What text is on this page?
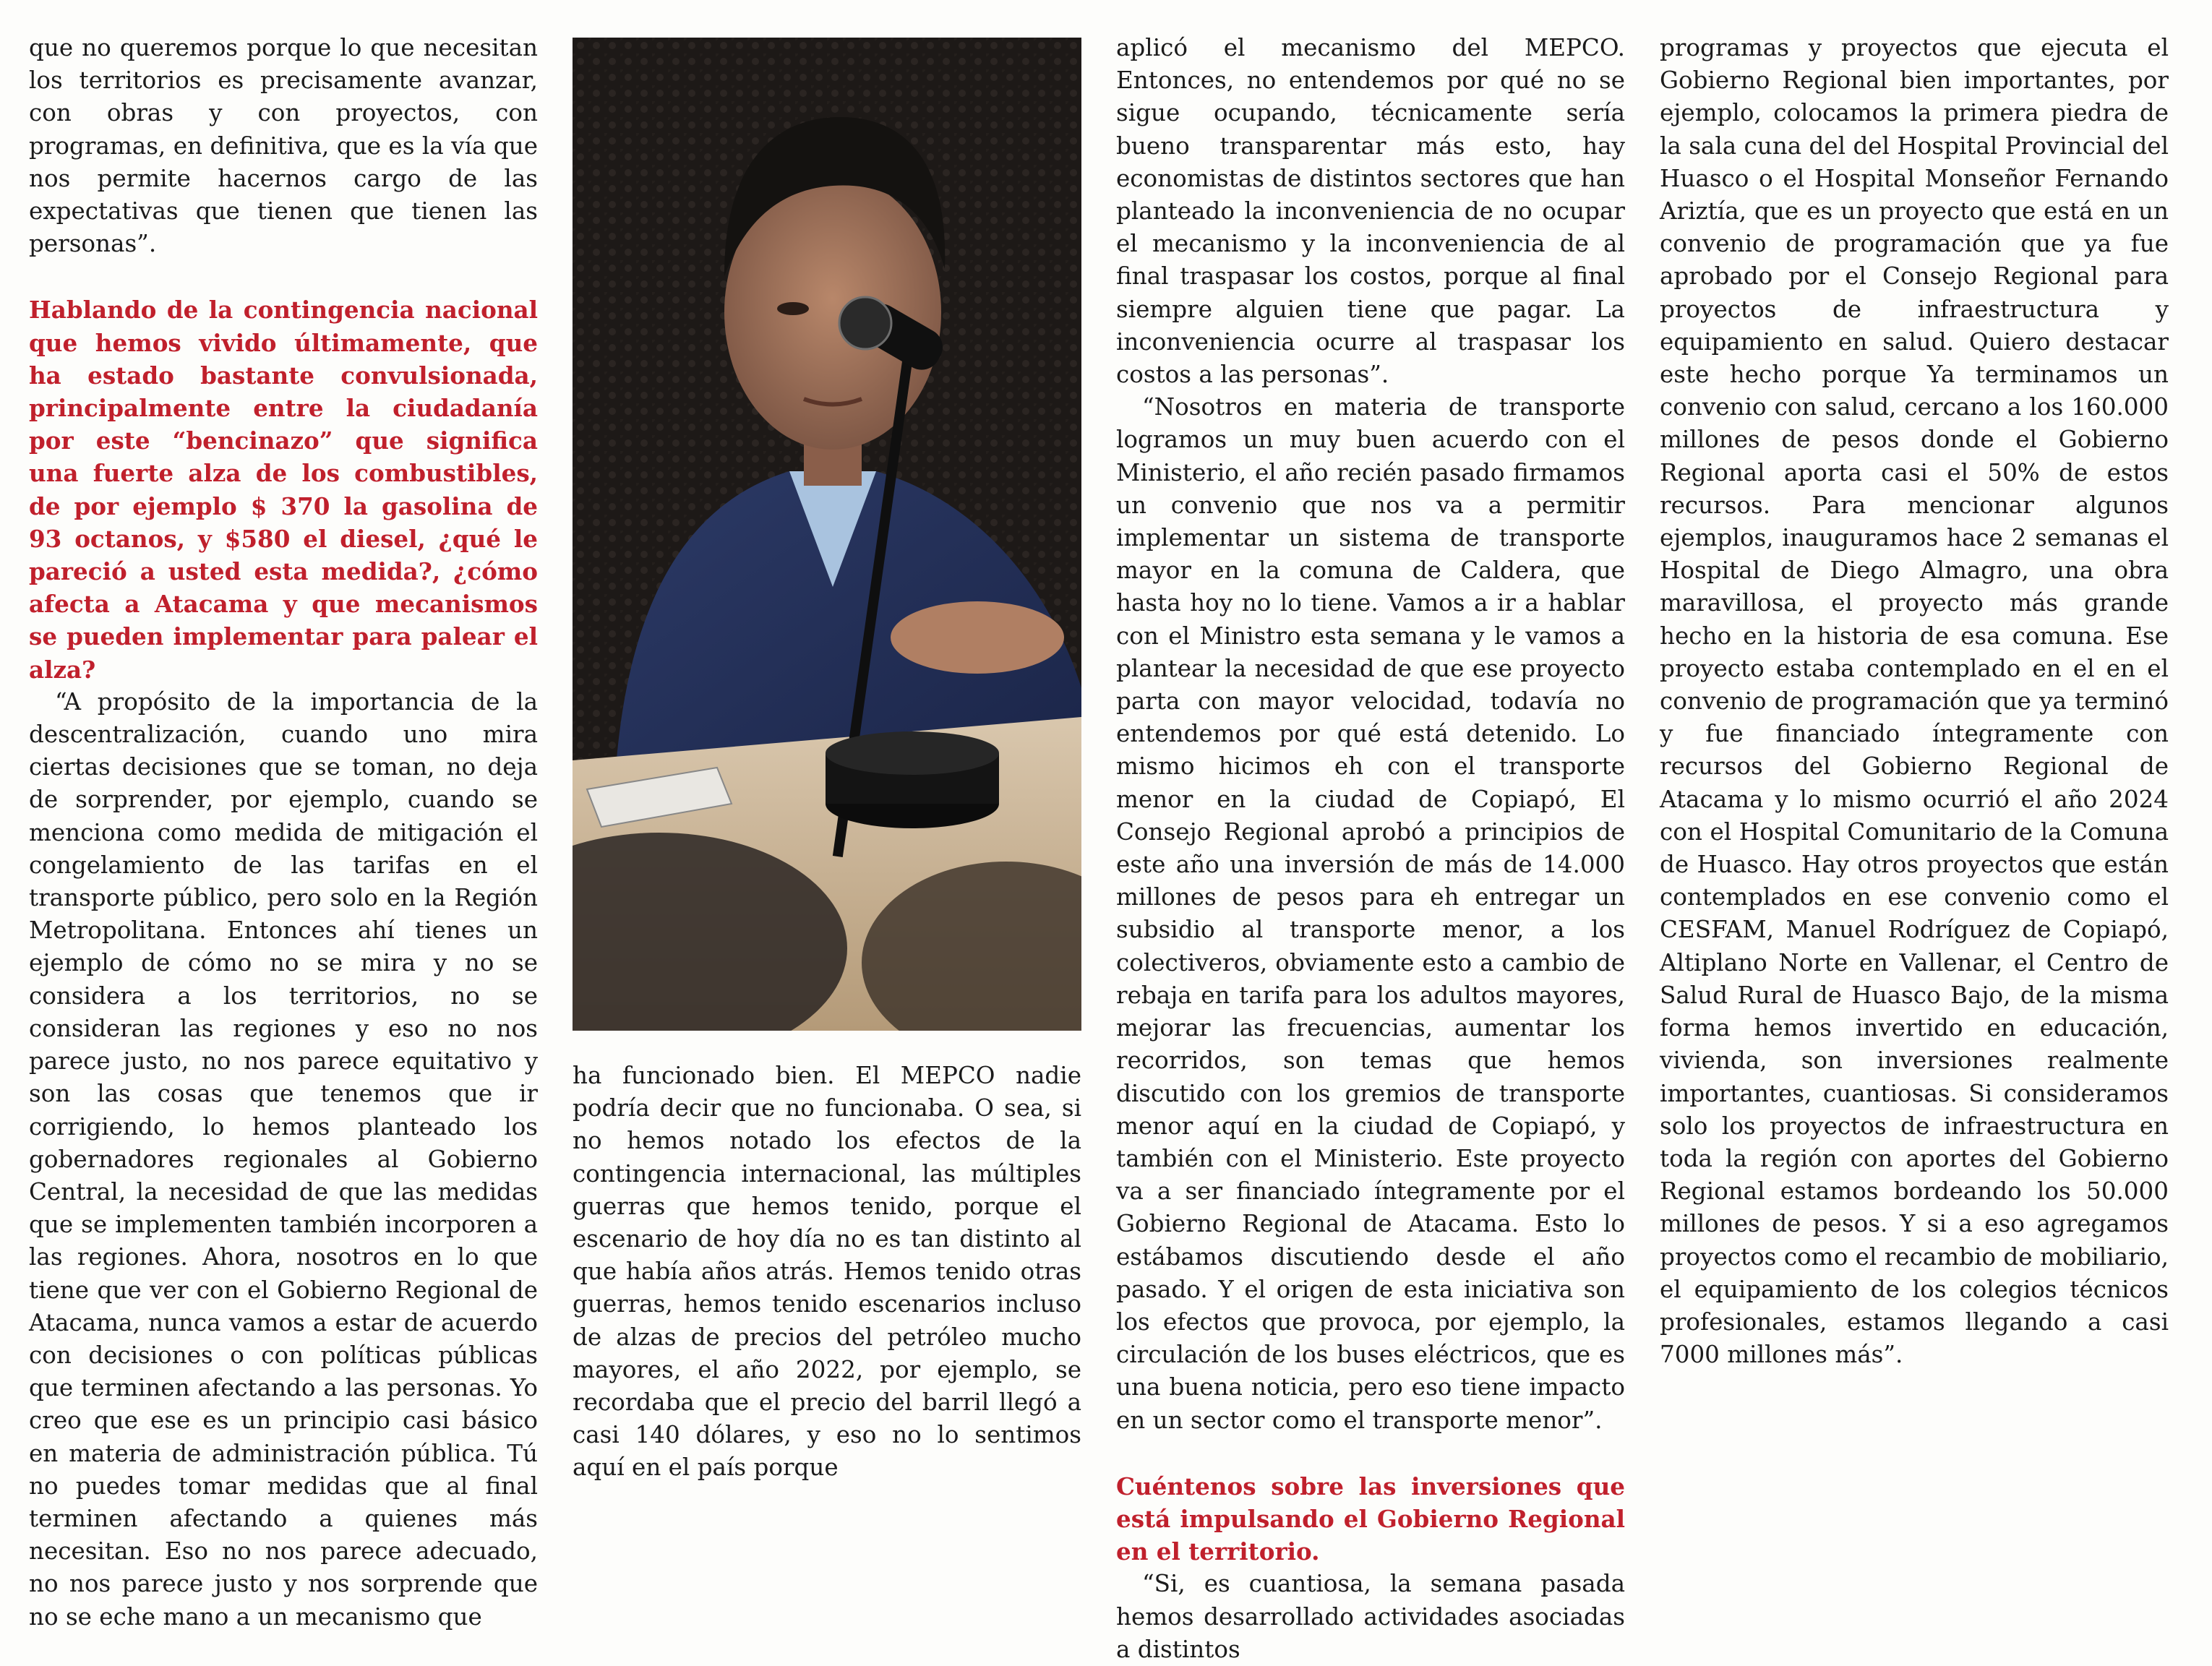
que no queremos porque lo que necesitan los territorios es precisamente avanzar, con obras y con proyectos, con programas, en definitiva, que es la vía que nos permite hacernos cargo de las expectativas que tienen que tienen las personas”.

Hablando de la contingencia nacional que hemos vivido últimamente, que ha estado bastante convulsionada, principalmente entre la ciudadanía por este “bencinazo” que significa una fuerte alza de los combustibles, de por ejemplo $ 370 la gasolina de 93 octanos, y $580 el diesel, ¿qué le pareció a usted esta medida?, ¿cómo afecta a Atacama y que mecanismos se pueden implementar para palear el alza?

“A propósito de la importancia de la descentralización, cuando uno mira ciertas decisiones que se toman, no deja de sorprender, por ejemplo, cuando se menciona como medida de mitigación el congelamiento de las tarifas en el transporte público, pero solo en la Región Metropolitana. Entonces ahí tienes un ejemplo de cómo no se mira y no se considera a los territorios, no se consideran las regiones y eso no nos parece justo, no nos parece equitativo y son las cosas que tenemos que ir corrigiendo, lo hemos planteado los gobernadores regionales al Gobierno Central, la necesidad de que las medidas que se implementen también incorporen a las regiones. Ahora, nosotros en lo que tiene que ver con el Gobierno Regional de Atacama, nunca vamos a estar de acuerdo con decisiones o con políticas públicas que terminen afectando a las personas. Yo creo que ese es un principio casi básico en materia de administración pública. Tú no puedes tomar medidas que al final terminen afectando a quienes más necesitan. Eso no nos parece adecuado, no nos parece justo y nos sorprende que no se eche mano a un mecanismo que

ha funcionado bien. El MEPCO nadie podría decir que no funcionaba. O sea, si no hemos notado los efectos de la contingencia internacional, las múltiples guerras que hemos tenido, porque el escenario de hoy día no es tan distinto al que había años atrás. Hemos tenido otras guerras, hemos tenido escenarios incluso de alzas de precios del petróleo mucho mayores, el año 2022, por ejemplo, se recordaba que el precio del barril llegó a casi 140 dólares, y eso no lo sentimos aquí en el país porque

aplicó el mecanismo del MEPCO. Entonces, no entendemos por qué no se sigue ocupando, técnicamente sería bueno transparentar más esto, hay economistas de distintos sectores que han planteado la inconveniencia de no ocupar el mecanismo y la inconveniencia de al final traspasar los costos, porque al final siempre alguien tiene que pagar. La inconveniencia ocurre al traspasar los costos a las personas”.

“Nosotros en materia de transporte logramos un muy buen acuerdo con el Ministerio, el año recién pasado firmamos un convenio que nos va a permitir implementar un sistema de transporte mayor en la comuna de Caldera, que hasta hoy no lo tiene. Vamos a ir a hablar con el Ministro esta semana y le vamos a plantear la necesidad de que ese proyecto parta con mayor velocidad, todavía no entendemos por qué está detenido. Lo mismo hicimos eh con el transporte menor en la ciudad de Copiapó, El Consejo Regional aprobó a principios de este año una inversión de más de 14.000 millones de pesos para eh entregar un subsidio al transporte menor, a los colectiveros, obviamente esto a cambio de rebaja en tarifa para los adultos mayores, mejorar las frecuencias, aumentar los recorridos, son temas que hemos discutido con los gremios de transporte menor aquí en la ciudad de Copiapó, y también con el Ministerio. Este proyecto va a ser financiado íntegramente por el Gobierno Regional de Atacama. Esto lo estábamos discutiendo desde el año pasado. Y el origen de esta iniciativa son los efectos que provoca, por ejemplo, la circulación de los buses eléctricos, que es una buena noticia, pero eso tiene impacto en un sector como el transporte menor”.

Cuéntenos sobre las inversiones que está impulsando el Gobierno Regional en el territorio.

“Si, es cuantiosa, la semana pasada hemos desarrollado actividades asociadas a distintos

programas y proyectos que ejecuta el Gobierno Regional bien importantes, por ejemplo, colocamos la primera piedra de la sala cuna del del Hospital Provincial del Huasco o el Hospital Monseñor Fernando Ariztía, que es un proyecto que está en un convenio de programación que ya fue aprobado por el Consejo Regional para proyectos de infraestructura y equipamiento en salud. Quiero destacar este hecho porque Ya terminamos un convenio con salud, cercano a los 160.000 millones de pesos donde el Gobierno Regional aporta casi el 50% de estos recursos. Para mencionar algunos ejemplos, inauguramos hace 2 semanas el Hospital de Diego Almagro, una obra maravillosa, el proyecto más grande hecho en la historia de esa comuna. Ese proyecto estaba contemplado en el en el convenio de programación que ya terminó y fue financiado íntegramente con recursos del Gobierno Regional de Atacama y lo mismo ocurrió el año 2024 con el Hospital Comunitario de la Comuna de Huasco. Hay otros proyectos que están contemplados en ese convenio como el CESFAM, Manuel Rodríguez de Copiapó, Altiplano Norte en Vallenar, el Centro de Salud Rural de Huasco Bajo, de la misma forma hemos invertido en educación, vivienda, son inversiones realmente importantes, cuantiosas. Si consideramos solo los proyectos de infraestructura en toda la región con aportes del Gobierno Regional estamos bordeando los 50.000 millones de pesos. Y si a eso agregamos proyectos como el recambio de mobiliario, el equipamiento de los colegios técnicos profesionales, estamos llegando a casi 7000 millones más”.
